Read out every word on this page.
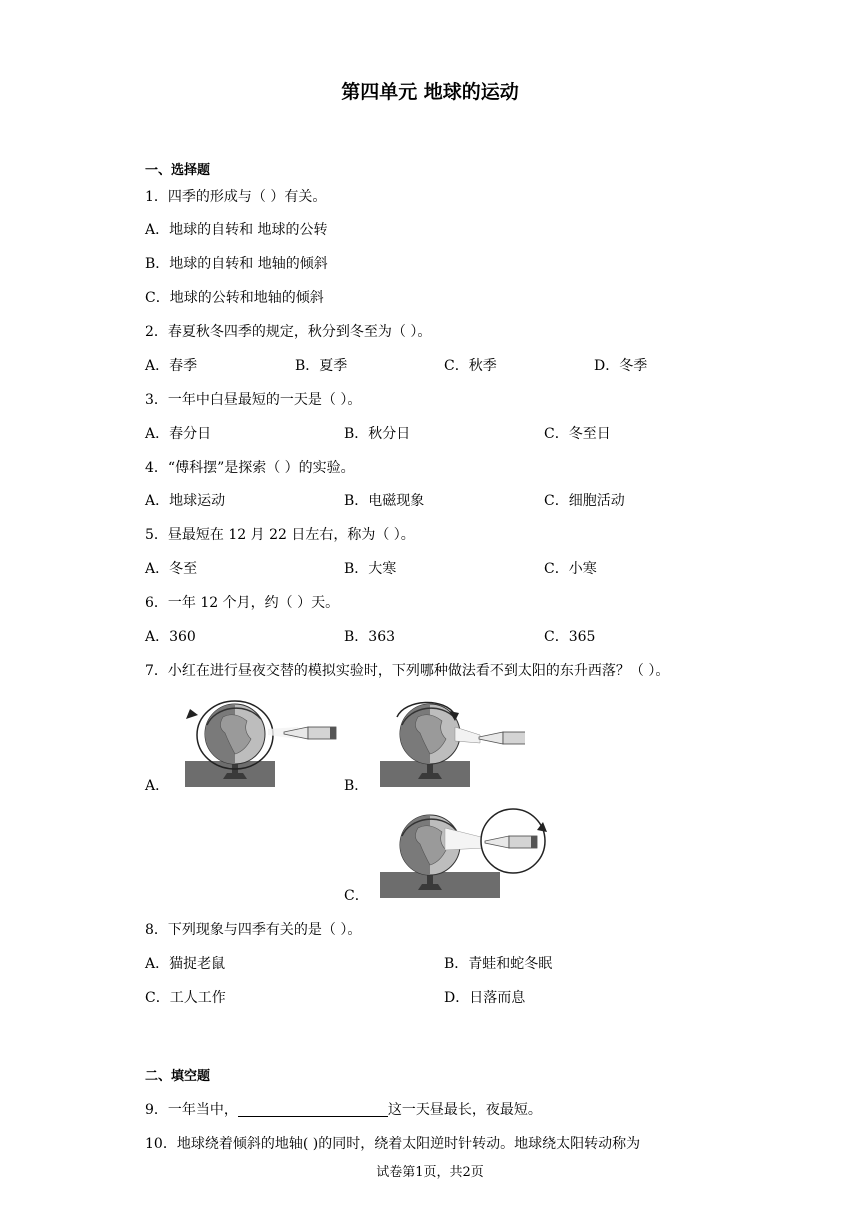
第四单元 地球的运动
一、选择题
1．四季的形成与（ ）有关。
A．地球的自转和 地球的公转
B．地球的自转和 地轴的倾斜
C．地球的公转和地轴的倾斜
2．春夏秋冬四季的规定，秋分到冬至为（ ）。
A．春季	B．夏季	C．秋季	D．冬季
3．一年中白昼最短的一天是（ ）。
A．春分日	B．秋分日	C．冬至日
4．“傅科摆”是探索（ ）的实验。
A．地球运动	B．电磁现象	C．细胞活动
5．昼最短在 12 月 22 日左右，称为（ ）。
A．冬至	B．大寒	C．小寒
6．一年 12 个月，约（ ）天。
A．360	B．363	C．365
7．小红在进行昼夜交替的模拟实验时，下列哪种做法看不到太阳的东升西落？（ ）。
A．	B．
C．
8．下列现象与四季有关的是（ ）。
A．猫捉老鼠	B．青蛙和蛇冬眠
C．工人工作	D．日落而息
二、填空题
9．一年当中，	这一天昼最长，夜最短。
10．地球绕着倾斜的地轴( )的同时，绕着太阳逆时针转动。地球绕太阳转动称为
试卷第1页，共2页
